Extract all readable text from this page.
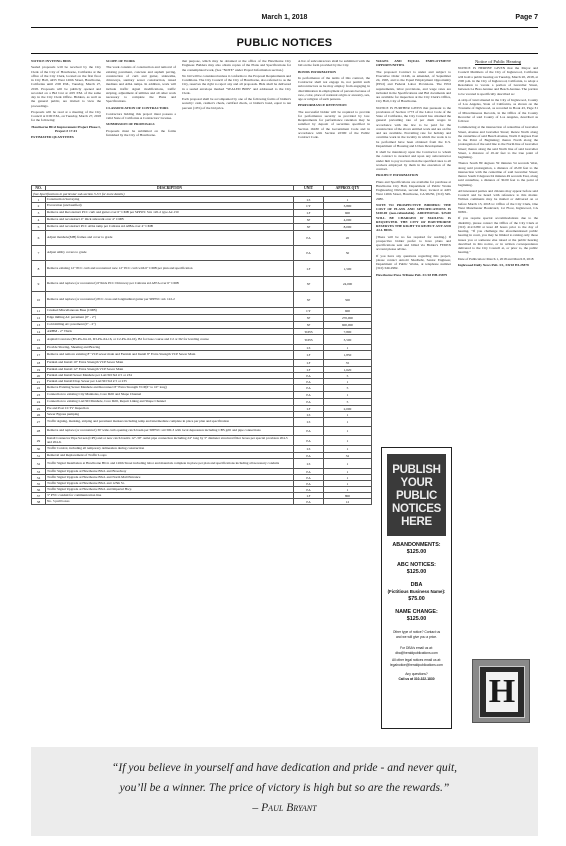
March 1, 2018	Page 7
PUBLIC NOTICES

NOTICE INVITING BIDS

Sealed proposals will be received by the City Clerk of the City of Hawthorne, California at the office of the City Clerk, located on the first floor in City Hall, 4455 West 126th Street, Hawthorne, California until 2:00 P.M., Tuesday, March 27, 2018. Proposals will be publicly opened and recorded on a Bid List at 4:05 P.M. of the same day in the City Clerk Office. Bidders, as well as the general public, are invited to view the proceedings.

Proposals will be read at a meeting of the City Council at 6:00 P.M., on Tuesday, March 27, 2018 for the following:

Hawthorne Blvd Improvement Project Phase I, Project # 17-01

ESTIMATED QUANTITIES

SCOPE OF WORK

The work consists of construction and removal of existing pavement, concrete and asphalt paving, construction of curb and gutter, sidewalks, driveways, sanitary sewer construction, raised medians and ADA ramps. In addition, work will include traffic signal modifications, traffic striping, adjustment of utilities and all other work necessary to complete the Plans and Specifications.

CLASSIFICATION OF CONTRACTORS

Contractors bidding this project must possess a valid State of California A Contractors' License.

SUBMISSION OF PROPOSALS

Proposals must be submitted on the forms furnished by the City of Hawthorne.

that purpose, which may be obtained at the office of the Hawthorne City Engineer. Bidders may also obtain copies of the Plans and Specifications for the contemplated work, (See "NOTE" under Project Information section.)

No bid will be considered unless it conforms to the Proposal Requirements and Conditions. The City Council of the City of Hawthorne, also referred to as the City, reserves the right to reject any and all proposals. Bids shall be delivered in a sealed envelope marked "SEALED BIDS" and addressed to the City Clerk.

Each proposal shall be accompanied by one of the following forms of bidder's security: cash, cashier's check, certified check, or bidder's bond, equal to ten percent (10%) of the bid price.

A list of subcontractors shall be submitted with the bid on the form provided by the City.

BONDS INFORMATION

In performance of the terms of this contract, the Contractor shall not engage in, nor permit such subcontractors as he may employ from engaging in discrimination in employment of persons because of race, color, place of national origin or ancestry, sex, age or religion of such persons.

PERFORMANCE RETENTION

The successful bidder will be required to provide for performance security as provided by law. Requirements for performance retention may be satisfied by deposit of securities specified in Section 16430 of the Government Code and in accordance with Section 22300 of the Public Contract Code.

WAGES AND EQUAL EMPLOYMENT OPPORTUNITIES

The proposed Contract is under and subject to Executive Order 11246, as amended, of September 24, 1965, and to the Equal Employment Opportunity (EEO) and Federal Labor Provisions. The EEO requirements, labor provisions, and wage rates are included in the Specifications and Bid documents and are available for inspection at the City Clerk's Office, City Hall, City of Hawthorne.

NOTICE IS FURTHER GIVEN that pursuant to the provisions of Section 1773 of the Labor Code of the State of California, the City Council has obtained the general prevailing rate of per diem wages in accordance with the law to be paid for the construction of the above entitled work and are on file and are available. Prevailing rate for holiday and overtime work in the locality in which the work is to be performed have been obtained from the U.S. Department of Housing and Urban Development.

It shall be mandatory upon the Contractor to whom the contract is awarded and upon any subcontractor under him to pay not less than the specified rates to all workers employed by them in the execution of the contract.

PROJECT INFORMATION

Plans and Specifications are available for purchase at Hawthorne City Hall, Department of Public Works Engineering Division, second floor, located at 4455 West 126th Street, Hawthorne, CA 90250, (310) 349-2980.

NOTE TO PROSPECTIVE BIDDERS: THE COST OF PLANS AND SPECIFICATIONS IS $100.00 (non-refundable). ADDITIONAL $25.00 WILL BE CHARGED IF MAILING IS REQUESTED. THE CITY OF HAWTHORNE RESERVES THE RIGHT TO REJECT ANY AND ALL BIDS.

(There will be no fee required for reading.) If prospective bidder prefer to have plans and specifications sent and billed via Bidder's FEDEX account please advise.

If you have any questions regarding this project, please contact Arnold Shadbehr, Senior Engineer, Department of Public Works, at telephone number (310) 349-2982.

Hawthorne Press Tribune Pub. 3/1/18 HH-25879

Notice of Public Hearing

NOTICE IS HEREBY GIVEN that the Mayor and Council Members of the City of Inglewood, California will hold a public hearing on Tuesday, March 20, 2018, at 2:00 p.m. in the City of Inglewood, California, to adopt a Resolution to vacate a portion of Grevelier Street, between La Brea Avenue and Beach Avenue. The portion to be vacated is specifically described as:

A strip of land situated in the City of Inglewood, County of Los Angeles, State of California, as shown on the Townsite of Inglewood, as recorded in Book 43, Page 31 of Miscellaneous Records, in the Office of the County Recorder of said County of Los Angeles, described as follows:

Commencing at the intersection of centerline of Grevelier Street, Avenue and Grevelier Street; thence North along the centerline of said Beach Avenue, North 0 degrees East to the Point of Beginning; thence North along the prolongation of the said line to the North line of Grevelier Street; thence along the said North line of said Grevelier Street, a distance of 45.42 feet to the true point of beginning.

Thence South 89 degrees 59 minutes 54 seconds West, along said prolongation, a distance of 45.00 feet to the intersection with the centerline of said Grevelier Street; thence South 0 degrees 04 minutes 49 seconds East, along said centerline, a distance of 30.00 feet to the point of beginning.

All interested parties and citizens may appear before said Council and be heard with reference to this matter. Written comments may be mailed or delivered on or before March 13, 2018 to: Office of the City Clerk, One West Manchester Boulevard, 1st Floor, Inglewood, CA 90301.

If you require special accommodations due to the disability, please contact the Office of the City Clerk at (310) 412-5280 at least 48 hours prior to the day of hearing. "If you challenge the aforementioned public hearing in court, you may be limited to raising only those issues you or someone else raised at the public hearing described in this notice, or in written correspondence delivered to the City Council at, or prior to, the public hearing."

Date of Publication: March 1, 2018 and March 8, 2018

Inglewood Daily News Pub. 3/1, 3/8/18 HI-25878

NO.	DESCRIPTION	UNIT	APPROX QTY
(See Specifications in particular sub-section 3-3.5 for more details)			
1	Construction Surveying	LS	1
2	Excavation (unclassified)	CY	3,800
3	Remove and Reconstruct PCC curb and gutter over 6" CMB per SPPWC Std. 120-2 type A2-150	LF	600
4	Remove and reconstruct 4" thick sidewalk over 4" CMB	SF	4,000
5	Remove and reconstruct PCC ADA ramp per Caltrans std A88A over 4" CMB	SF	8,000
6	Adjust manhole(MH) frames and cover to grade	EA	20
7	Adjust utility covers to grade	EA	50
8	Remove existing 12" PCC curb and reconstruct new 12" PCC curb with 6" CMB per plan and specification	LF	1,500
9	Remove and replace (or reconstruct) 6"thick PCC Driveway per Caltrans std A87A over 6" CMB	SF	24,000
10	Remove and replace (or reconstruct) PCC cross and longitudinal gutter per SPPWC std. 122-2	SF	500
11	Crushed Miscellaneous Base (CMB)	CY	600
12	Edge milling AC pavement (0" - 2")	SF	270,000
13	Cold milling AC pavement (0" - 2")	SF	600,000
14	ARHM - 2" Thick	TONS	7,800
15	Asphalt Concrete (B3-PG-64-16, D3-PG-64-16, or C2-PG-64-16), B2 for base course and C2 or D2 for leveling course	TONS	3,500
16	Provide Shoring, Sheeting and Bracing	LS	1
17	Remove and remove existing 8" VCP sewer main and Furnish and Install 8" Extra Strength VCP Sewer Main	LF	1,850
18	Furnish and Install 10" Extra Strength VCP Sewer Main	LF	35
19	Furnish and Install 12" Extra Strength VCP Sewer Main	LF	1,620
20	Furnish and Install Sewer Manhole per LACSD Std # 5 or 234	EA	5
21	Furnish and Install Drop Sewer per LACSD Std # 5 or 235	EA	1
22	Remove Existing Sewer Manhole and Reconnect 8" Extra Strength VCP(6" to 10" long)	EA	5
23	Connection to existing City Manholes, Core Drill and Shape Channel	EA	1
24	Connection to existing LACSD Manhole, Core Drill, Repair Lining and Shape Channel	EA	5
25	Pre and Post CCTV Inspection	LF	2,000
26	Sewer Bypass pumping	LS	1
27	Traffic signing, marking, striping and pavement markers including temp and intermediate complete in place per plan and specification	LS	1
28	Remove and replace (or reconstruct) 30' wide curb opening catch basin per SPPWC std 300-3 with local depression including CBS grill and pipe connections	EA	1
29	Install Connector Pipe Screen (CPS) and or new catch basin's 12"-30" outlet pipe connection including 24" long by 3" diameter structural filter boxes per special provision 204-5 and 204-6.	EA	1
30	Traffic Control, including all temporary delineation during construction	LS	1
31	Removal and Replacement of Traffic Loops	EA	32
32	Traffic Signal Installation at Hawthorne Blvd. and 126th Street including labor and materials complete in place per plan and specifications including all necessary conduits	LS	1
33	Traffic Signal Upgrade at Hawthorne Blvd. and Broadway	EA	1
34	Traffic Signal Upgrade at Hawthorne Blvd. and North Mall Entrance	EA	1
35	Traffic Signal Upgrade at Hawthorne Blvd. and 125th St.	EA	1
36	Traffic Signal Upgrade at Hawthorne Blvd. and Imperial Hwy.	EA	1
37	3" PVC conduit for communication line	LF	800
38	No. 5 pull boxes	EA	12
PUBLISH
YOUR
PUBLIC
NOTICES
HERE
ABANDONMENTS:
$125.00
ABC NOTICES:
$125.00
DBA
(Fictitious Business Name):
$75.00
NAME CHANGE:
$125.00
Other type of notice? Contact us
and we will give you a price.
For DBA's email us at:
dba@heraldpublications.com
All other legal notices email us at:
legalnotice@heraldpublications.com
Any questions?
Call us at 310-322-1830	H
“If you believe in yourself and have dedication and pride - and never quit,
you’ll be a winner. The price of victory is high but so are the rewards.”
– Paul Bryant
